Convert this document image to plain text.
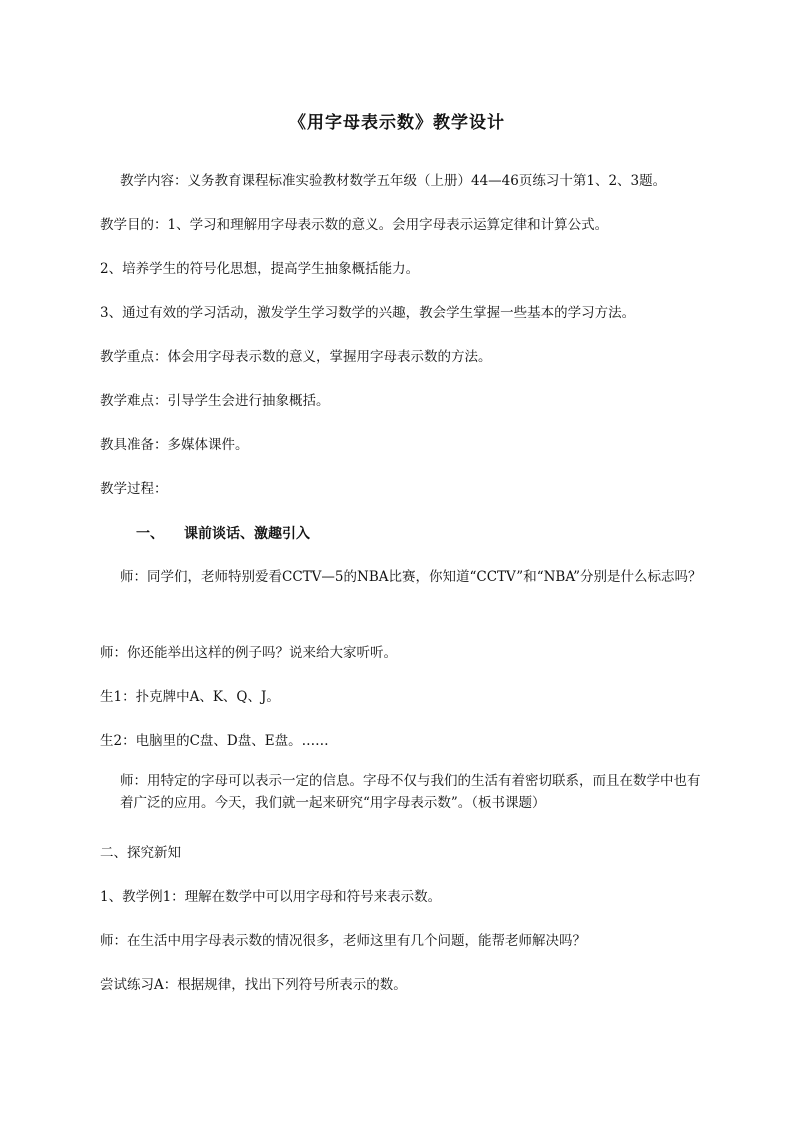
《用字母表示数》教学设计
教学内容：义务教育课程标准实验教材数学五年级（上册）44—46页练习十第1、2、3题。
教学目的：1、学习和理解用字母表示数的意义。会用字母表示运算定律和计算公式。
2、培养学生的符号化思想，提高学生抽象概括能力。
3、通过有效的学习活动，激发学生学习数学的兴趣，教会学生掌握一些基本的学习方法。
教学重点：体会用字母表示数的意义，掌握用字母表示数的方法。
教学难点：引导学生会进行抽象概括。
教具准备：多媒体课件。
教学过程：
一、 课前谈话、激趣引入
师：同学们，老师特别爱看CCTV—5的NBA比赛，你知道“CCTV”和“NBA”分别是什么标志吗？
师：你还能举出这样的例子吗？说来给大家听听。
生1：扑克牌中A、K、Q、J。
生2：电脑里的C盘、D盘、E盘。……
师：用特定的字母可以表示一定的信息。字母不仅与我们的生活有着密切联系，而且在数学中也有着广泛的应用。今天，我们就一起来研究“用字母表示数”。（板书课题）
二、探究新知
1、教学例1：理解在数学中可以用字母和符号来表示数。
师：在生活中用字母表示数的情况很多，老师这里有几个问题，能帮老师解决吗？
尝试练习A：根据规律，找出下列符号所表示的数。
